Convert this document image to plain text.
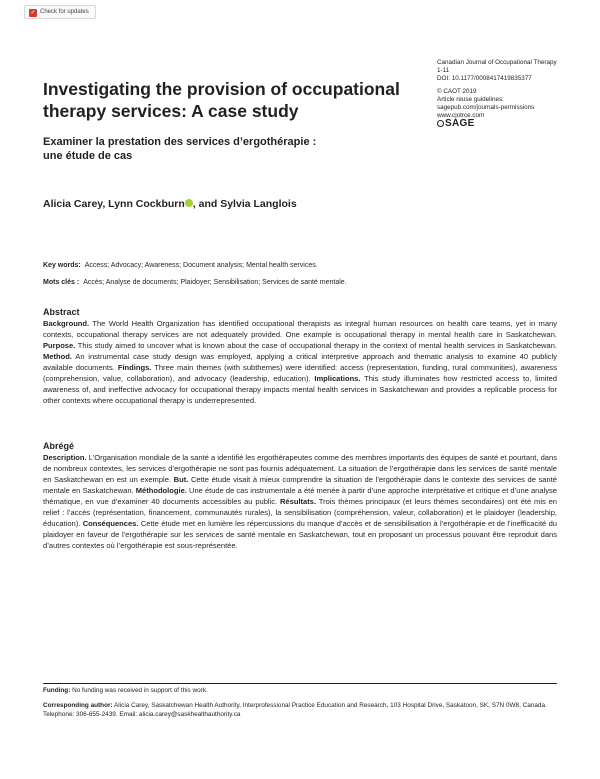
✓ Check for updates
Canadian Journal of Occupational Therapy
1-11
DOI: 10.1177/0008417419835377
© CAOT 2019
Article reuse guidelines:
sagepub.com/journals-permissions
www.cjotrce.com
SAGE
Investigating the provision of occupational
therapy services: A case study
Examiner la prestation des services d’ergothérapie :
une étude de cas
Alicia Carey, Lynn Cockburn , and Sylvia Langlois
Key words: Access; Advocacy; Awareness; Document analysis; Mental health services.
Mots clés : Accès; Analyse de documents; Plaidoyer; Sensibilisation; Services de santé mentale.
Abstract
Background. The World Health Organization has identified occupational therapists as integral human resources on health care teams, yet in many contexts, occupational therapy services are not adequately provided. One example is occupational therapy in mental health care in Saskatchewan. Purpose. This study aimed to uncover what is known about the case of occupational therapy in the context of mental health services in Saskatchewan. Method. An instrumental case study design was employed, applying a critical interpretive approach and thematic analysis to examine 40 publicly available documents. Findings. Three main themes (with subthemes) were identified: access (representation, funding, rural communities), awareness (comprehension, value, collaboration), and advocacy (leadership, education). Implications. This study illuminates how restricted access to, limited awareness of, and ineffective advocacy for occupational therapy impacts mental health services in Saskatchewan and provides a replicable process for other contexts where occupational therapy is underrepresented.
Abrégé
Description. L’Organisation mondiale de la santé a identifié les ergothérapeutes comme des membres importants des équipes de santé et pourtant, dans de nombreux contextes, les services d’ergothérapie ne sont pas fournis adéquatement. La situation de l’ergothérapie dans les services de santé mentale en Saskatchewan en est un exemple. But. Cette étude visait à mieux comprendre la situation de l’ergothérapie dans le contexte des services de santé mentale en Saskatchewan. Méthodologie. Une étude de cas instrumentale a été menée à partir d’une approche interprétative et critique et d’une analyse thématique, en vue d’examiner 40 documents accessibles au public. Résultats. Trois thèmes principaux (et leurs thèmes secondaires) ont été mis en relief : l’accès (représentation, financement, communautés rurales), la sensibilisation (compréhension, valeur, collaboration) et le plaidoyer (leadership, éducation). Conséquences. Cette étude met en lumière les répercussions du manque d’accès et de sensibilisation à l’ergothérapie et de l’inefficacité du plaidoyer en faveur de l’ergothérapie sur les services de santé mentale en Saskatchewan, tout en proposant un processus pouvant être reproduit dans d’autres contextes où l’ergothérapie est sous-représentée.
Funding: No funding was received in support of this work.
Corresponding author: Alicia Carey, Saskatchewan Health Authority, Interprofessional Practice Education and Research, 103 Hospital Drive, Saskatoon, SK, S7N 0W8, Canada. Telephone: 306-655-2439. Email: alicia.carey@saskhealthauthority.ca
